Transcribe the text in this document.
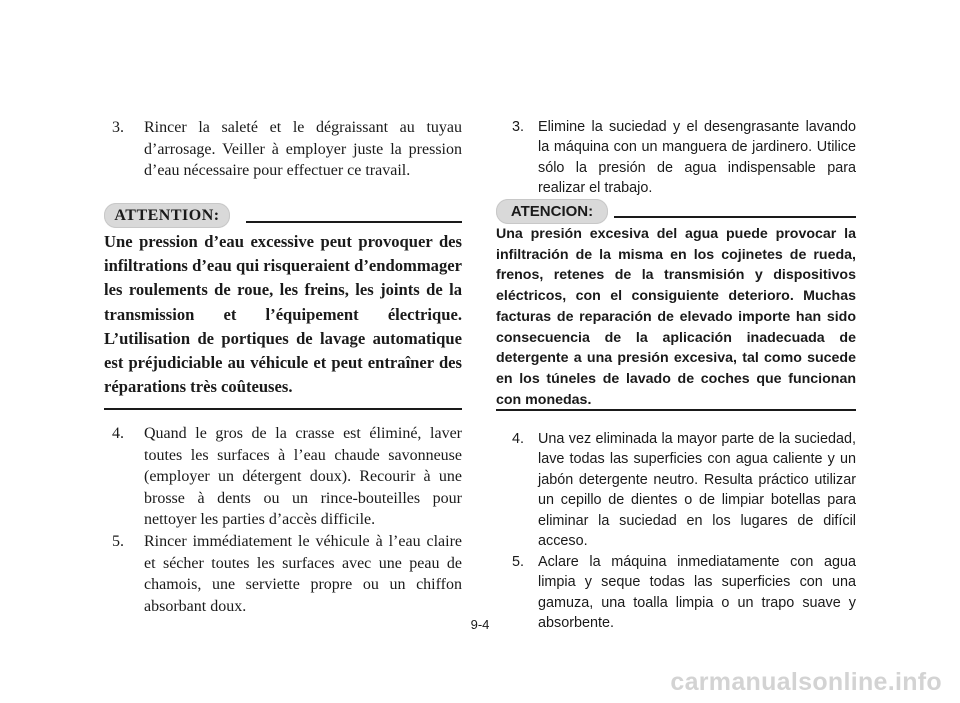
3. Rincer la saleté et le dégraissant au tuyau d’arrosage. Veiller à employer juste la pression d’eau nécessaire pour effectuer ce travail.
ATTENTION:
Une pression d’eau excessive peut provoquer des infiltrations d’eau qui risqueraient d’endommager les roulements de roue, les freins, les joints de la transmission et l’équipement électrique. L’utilisation de portiques de lavage automatique est préjudiciable au véhicule et peut entraîner des réparations très coûteuses.
4. Quand le gros de la crasse est éliminé, laver toutes les surfaces à l’eau chaude savonneuse (employer un détergent doux). Recourir à une brosse à dents ou un rince-bouteilles pour nettoyer les parties d’accès difficile.
5. Rincer immédiatement le véhicule à l’eau claire et sécher toutes les surfaces avec une peau de chamois, une serviette propre ou un chiffon absorbant doux.
3. Elimine la suciedad y el desengrasante lavando la máquina con un manguera de jardinero. Utilice sólo la presión de agua indispensable para realizar el trabajo.
ATENCION:
Una presión excesiva del agua puede provocar la infiltración de la misma en los cojinetes de rueda, frenos, retenes de la transmisión y dispositivos eléctricos, con el consiguiente deterioro. Muchas facturas de reparación de elevado importe han sido consecuencia de la aplicación inadecuada de detergente a una presión excesiva, tal como sucede en los túneles de lavado de coches que funcionan con monedas.
4. Una vez eliminada la mayor parte de la suciedad, lave todas las superficies con agua caliente y un jabón detergente neutro. Resulta práctico utilizar un cepillo de dientes o de limpiar botellas para eliminar la suciedad en los lugares de difícil acceso.
5. Aclare la máquina inmediatamente con agua limpia y seque todas las superficies con una gamuza, una toalla limpia o un trapo suave y absorbente.
9-4
carmanualsonline.info
